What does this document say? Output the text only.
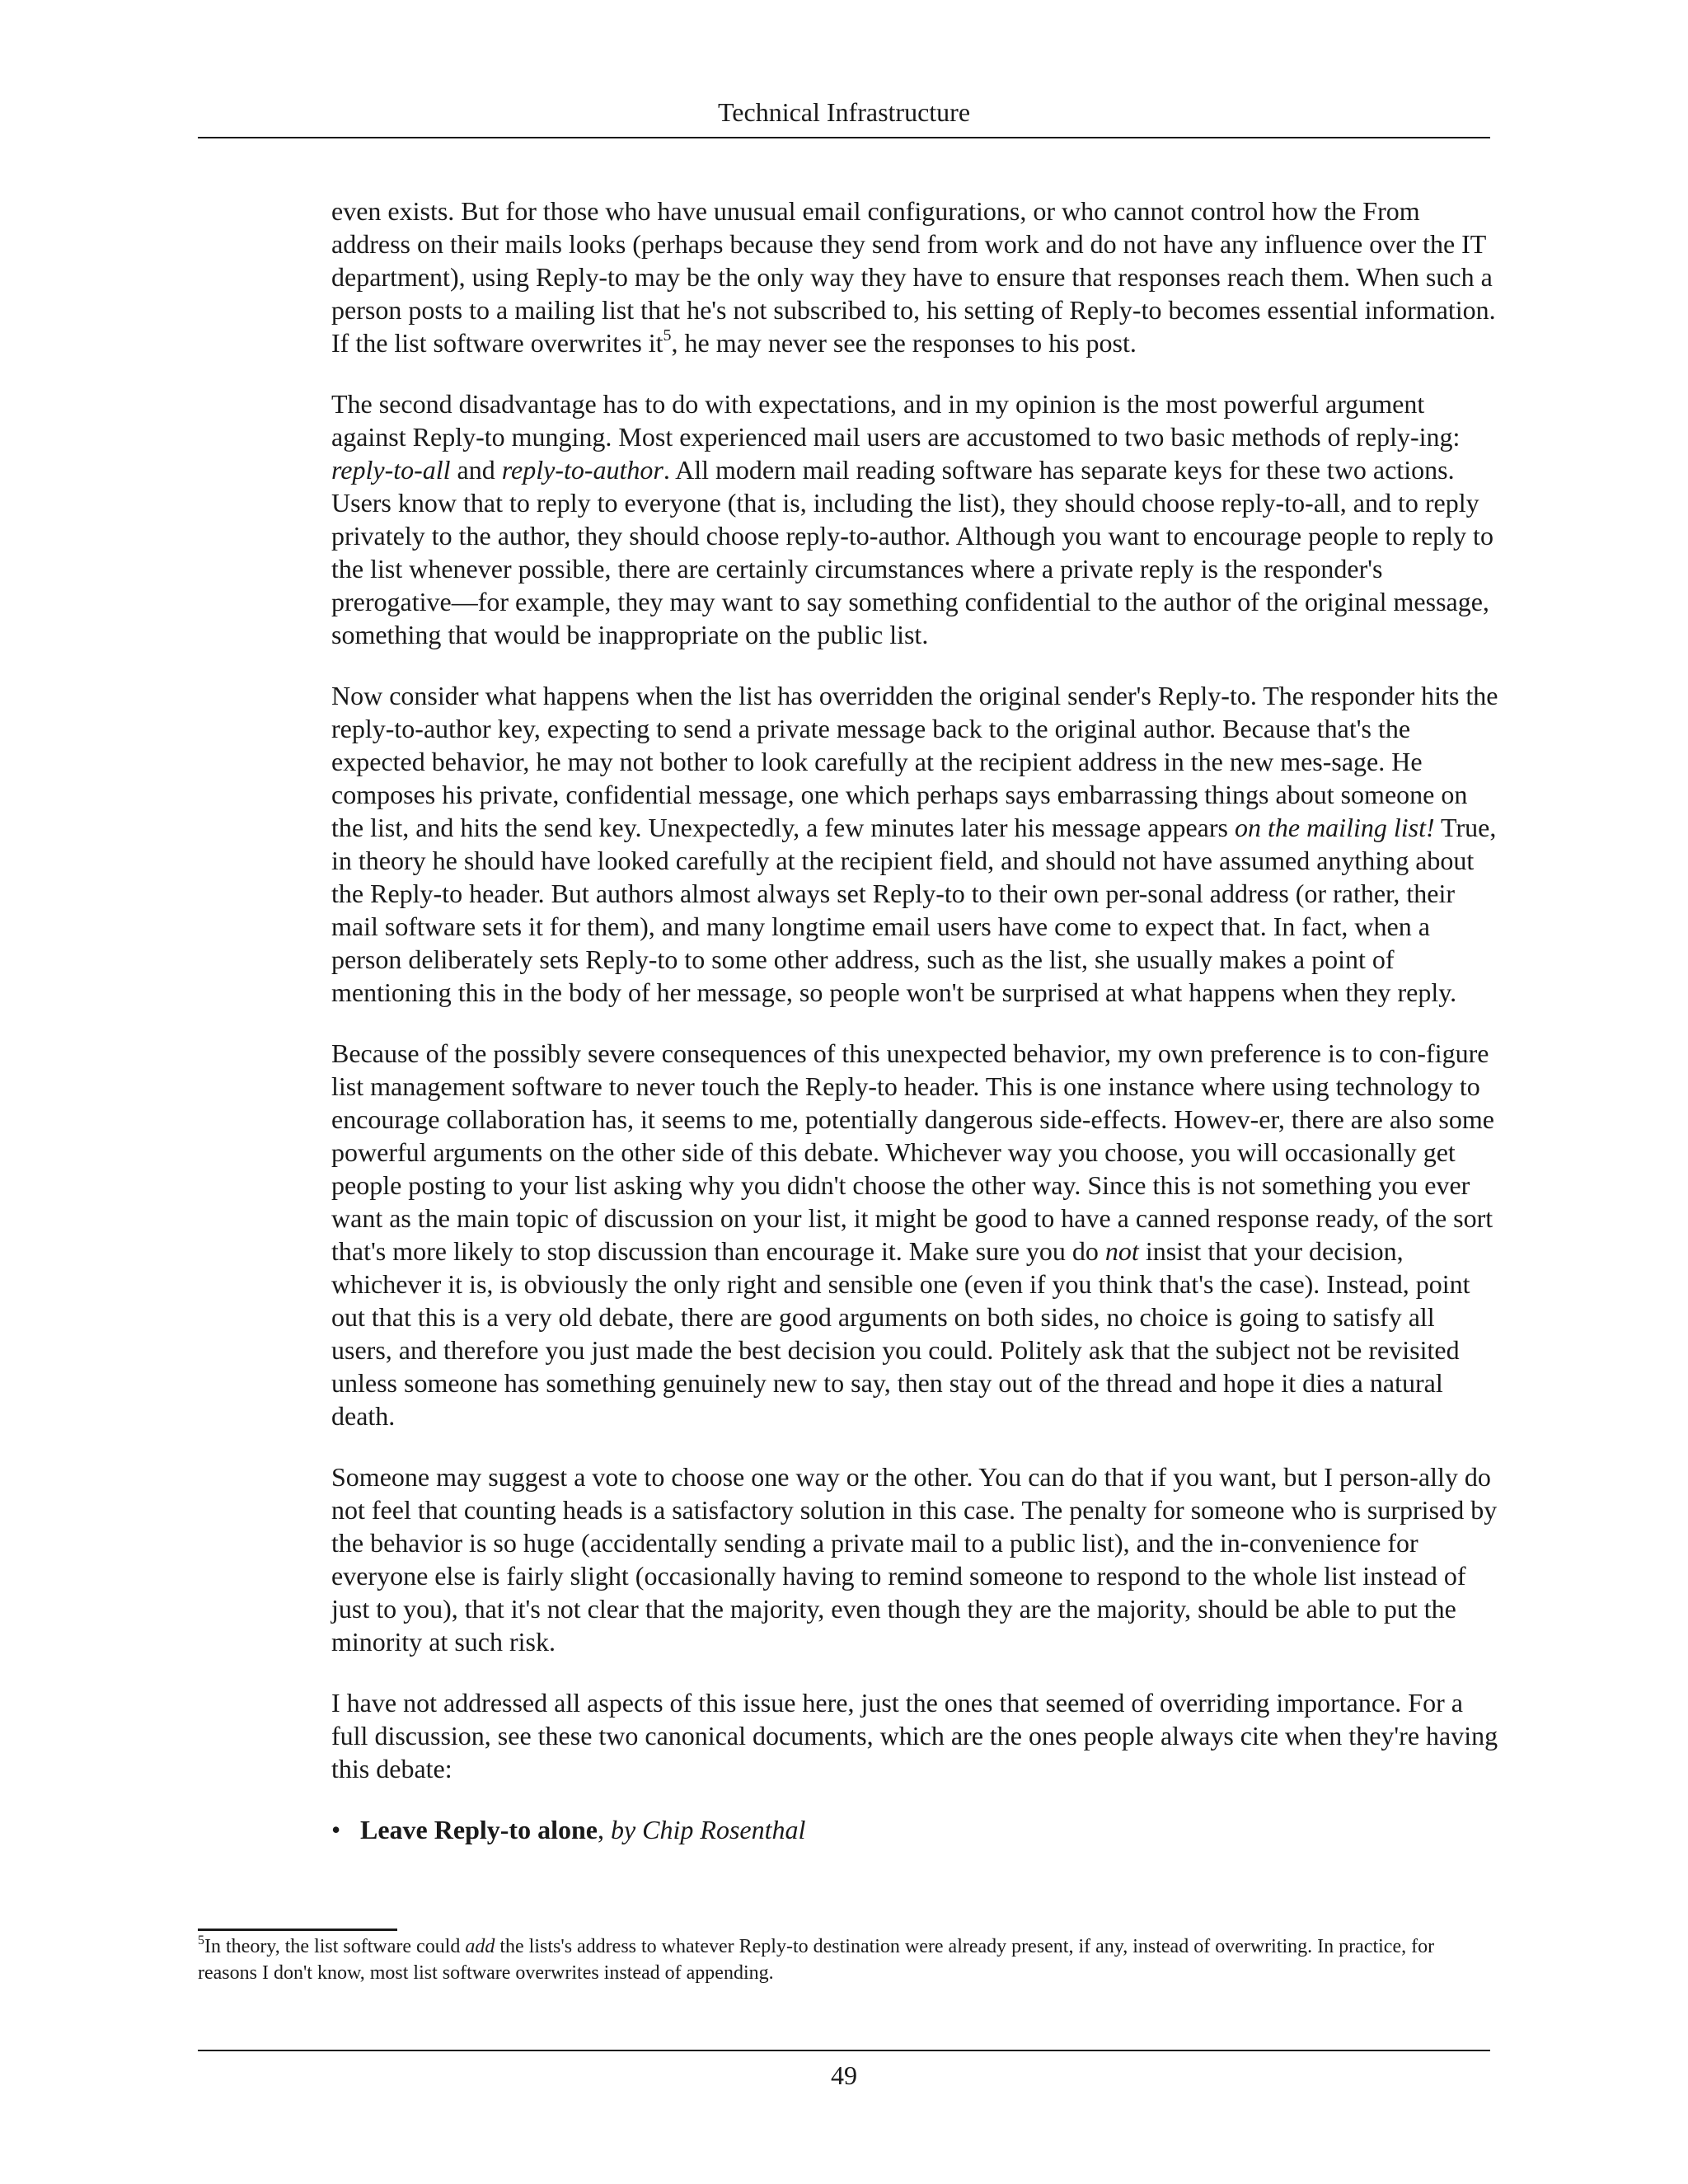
Technical Infrastructure

even exists. But for those who have unusual email configurations, or who cannot control how the From address on their mails looks (perhaps because they send from work and do not have any influence over the IT department), using Reply-to may be the only way they have to ensure that responses reach them. When such a person posts to a mailing list that he's not subscribed to, his setting of Reply-to becomes essential information. If the list software overwrites $it^5$, he may never see the responses to his post.

The second disadvantage has to do with expectations, and in my opinion is the most powerful argument against Reply-to munging. Most experienced mail users are accustomed to two basic methods of reply-ing: reply-to-all and reply-to-author. All modern mail reading software has separate keys for these two actions. Users know that to reply to everyone (that is, including the list), they should choose reply-to-all, and to reply privately to the author, they should choose reply-to-author. Although you want to encourage people to reply to the list whenever possible, there are certainly circumstances where a private reply is the responder's prerogative—for example, they may want to say something confidential to the author of the original message, something that would be inappropriate on the public list.

Now consider what happens when the list has overridden the original sender's Reply-to. The responder hits the reply-to-author key, expecting to send a private message back to the original author. Because that's the expected behavior, he may not bother to look carefully at the recipient address in the new mes-sage. He composes his private, confidential message, one which perhaps says embarrassing things about someone on the list, and hits the send key. Unexpectedly, a few minutes later his message appears on the mailing list! True, in theory he should have looked carefully at the recipient field, and should not have assumed anything about the Reply-to header. But authors almost always set Reply-to to their own per-sonal address (or rather, their mail software sets it for them), and many longtime email users have come to expect that. In fact, when a person deliberately sets Reply-to to some other address, such as the list, she usually makes a point of mentioning this in the body of her message, so people won't be surprised at what happens when they reply.

Because of the possibly severe consequences of this unexpected behavior, my own preference is to con-figure list management software to never touch the Reply-to header. This is one instance where using technology to encourage collaboration has, it seems to me, potentially dangerous side-effects. Howev-er, there are also some powerful arguments on the other side of this debate. Whichever way you choose, you will occasionally get people posting to your list asking why you didn't choose the other way. Since this is not something you ever want as the main topic of discussion on your list, it might be good to have a canned response ready, of the sort that's more likely to stop discussion than encourage it. Make sure you do not insist that your decision, whichever it is, is obviously the only right and sensible one (even if you think that's the case). Instead, point out that this is a very old debate, there are good arguments on both sides, no choice is going to satisfy all users, and therefore you just made the best decision you could. Politely ask that the subject not be revisited unless someone has something genuinely new to say, then stay out of the thread and hope it dies a natural death.

Someone may suggest a vote to choose one way or the other. You can do that if you want, but I person-ally do not feel that counting heads is a satisfactory solution in this case. The penalty for someone who is surprised by the behavior is so huge (accidentally sending a private mail to a public list), and the in-convenience for everyone else is fairly slight (occasionally having to remind someone to respond to the whole list instead of just to you), that it's not clear that the majority, even though they are the majority, should be able to put the minority at such risk.

I have not addressed all aspects of this issue here, just the ones that seemed of overriding importance. For a full discussion, see these two canonical documents, which are the ones people always cite when they're having this debate:

• Leave Reply-to alone, by Chip Rosenthal
$^5$In theory, the list software could add the lists's address to whatever Reply-to destination were already present, if any, instead of overwriting. In practice, for reasons I don't know, most list software overwrites instead of appending.
49
